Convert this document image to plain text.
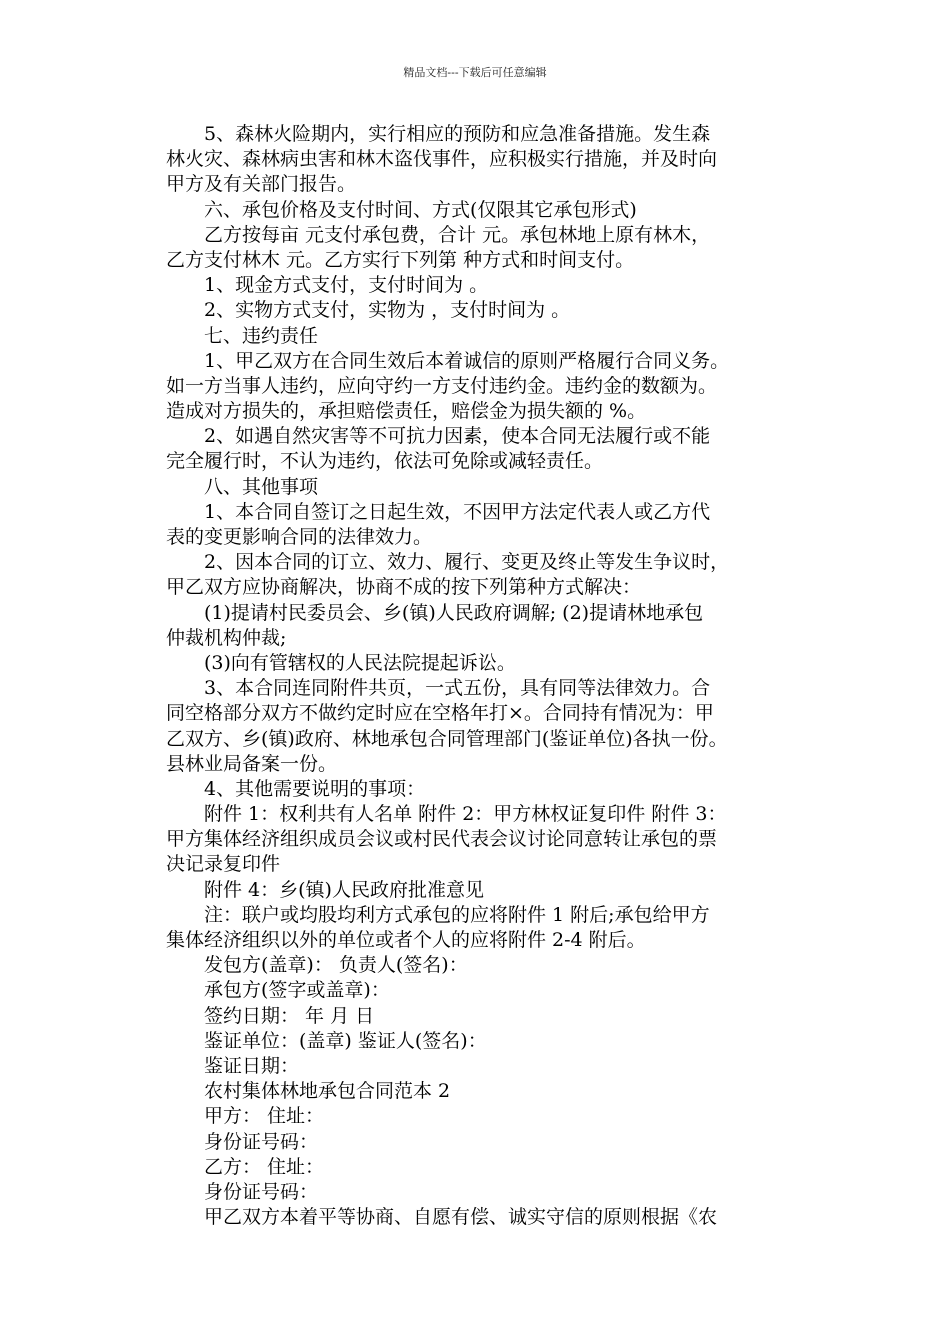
精品文档---下载后可任意编辑
5、森林火险期内，实行相应的预防和应急准备措施。发生森
林火灾、森林病虫害和林木盗伐事件，应积极实行措施，并及时向
甲方及有关部门报告。
六、承包价格及支付时间、方式(仅限其它承包形式)
乙方按每亩 元支付承包费，合计 元。承包林地上原有林木，
乙方支付林木 元。乙方实行下列第 种方式和时间支付。
1、现金方式支付，支付时间为 。
2、实物方式支付，实物为 ，支付时间为 。
七、违约责任
1、甲乙双方在合同生效后本着诚信的原则严格履行合同义务。
如一方当事人违约，应向守约一方支付违约金。违约金的数额为。
造成对方损失的，承担赔偿责任，赔偿金为损失额的 %。
2、如遇自然灾害等不可抗力因素，使本合同无法履行或不能
完全履行时，不认为违约，依法可免除或减轻责任。
八、其他事项
1、本合同自签订之日起生效，不因甲方法定代表人或乙方代
表的变更影响合同的法律效力。
2、因本合同的订立、效力、履行、变更及终止等发生争议时，
甲乙双方应协商解决，协商不成的按下列第种方式解决：
(1)提请村民委员会、乡(镇)人民政府调解; (2)提请林地承包
仲裁机构仲裁;
(3)向有管辖权的人民法院提起诉讼。
3、本合同连同附件共页，一式五份，具有同等法律效力。合
同空格部分双方不做约定时应在空格年打×。合同持有情况为：甲
乙双方、乡(镇)政府、林地承包合同管理部门(鉴证单位)各执一份。
县林业局备案一份。
4、其他需要说明的事项：
附件 1：权利共有人名单 附件 2：甲方林权证复印件 附件 3：
甲方集体经济组织成员会议或村民代表会议讨论同意转让承包的票
决记录复印件
附件 4：乡(镇)人民政府批准意见
注：联户或均股均利方式承包的应将附件 1 附后;承包给甲方
集体经济组织以外的单位或者个人的应将附件 2-4 附后。
发包方(盖章)： 负责人(签名)：
承包方(签字或盖章)：
签约日期： 年 月 日
鉴证单位：(盖章) 鉴证人(签名)：
鉴证日期：
农村集体林地承包合同范本 2
甲方： 住址：
身份证号码：
乙方： 住址：
身份证号码：
甲乙双方本着平等协商、自愿有偿、诚实守信的原则根据《农
